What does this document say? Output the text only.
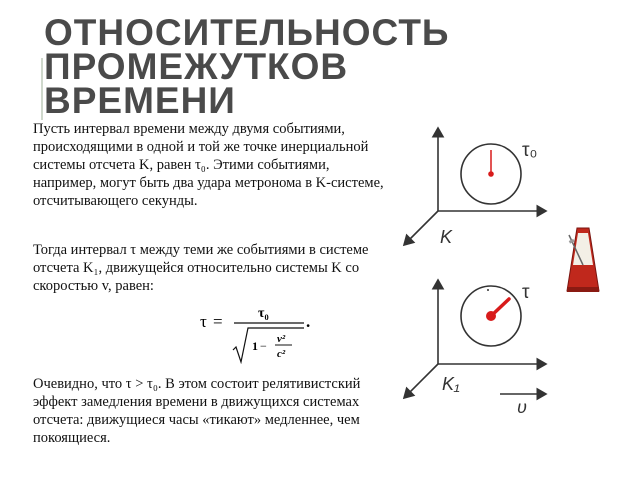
ОТНОСИТЕЛЬНОСТЬ
ПРОМЕЖУТКОВ
ВРЕМЕНИ
Пусть интервал времени между двумя событиями, происходящими в одной и той же точке инерциальной системы отсчета K, равен τ₀. Этими событиями, например, могут быть два удара метронома в K-системе, отсчитывающего секунды.
Тогда интервал τ между теми же событиями в системе отсчета K₁, движущейся относительно системы K со скоростью v, равен:
Очевидно, что τ > τ₀. В этом состоит релятивистский эффект замедления времени в движущихся системах отсчета: движущиеся часы «тикают» медленнее, чем покоящиеся.
τ =	τ₀
1 − v²
c²
.
τ₀
K
τ
K₁
υ
